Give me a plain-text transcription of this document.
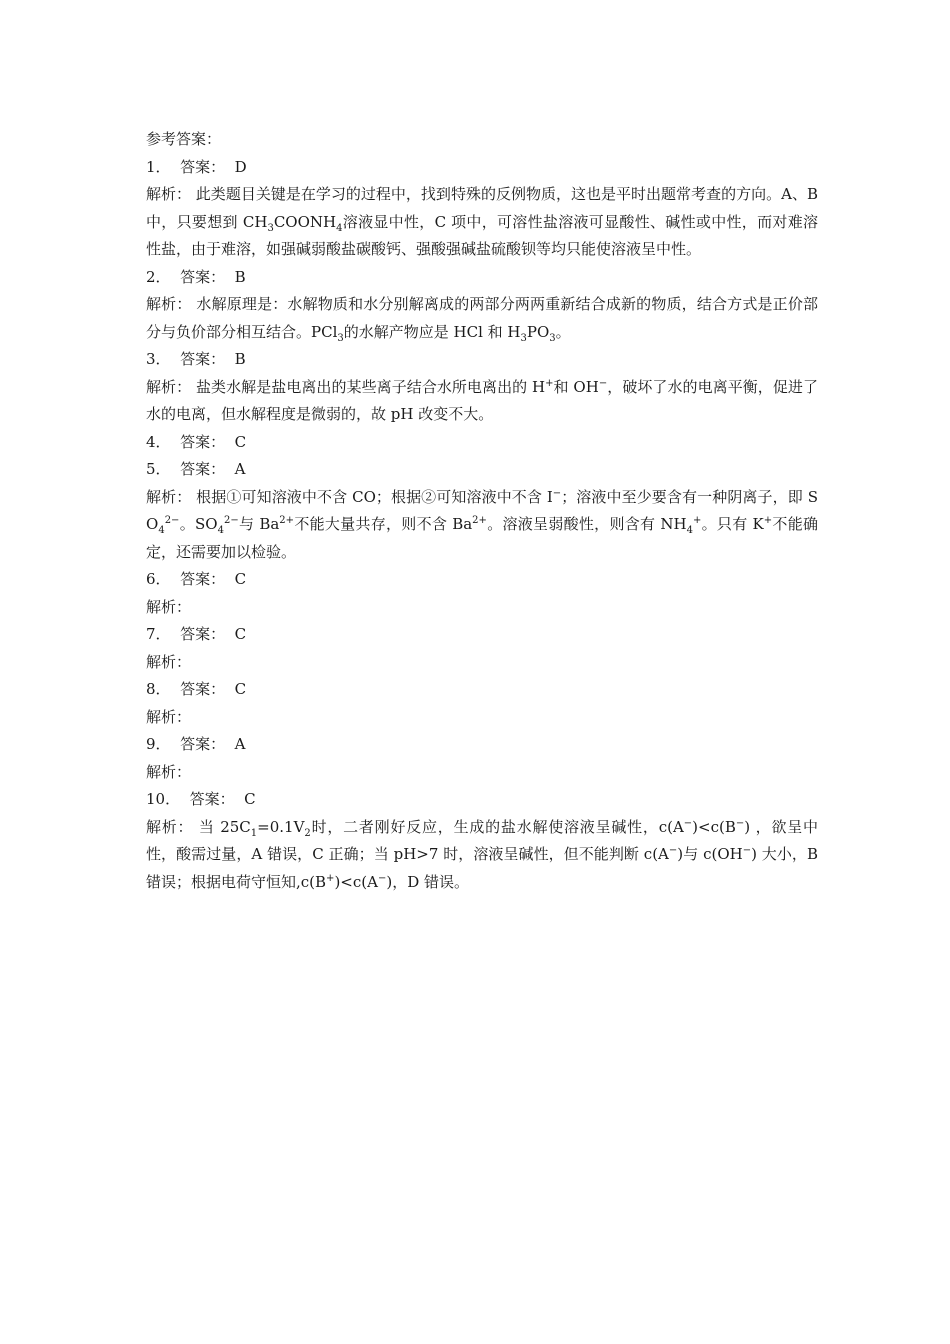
参考答案：

1．  答案：  D

解析： 此类题目关键是在学习的过程中，找到特殊的反例物质，这也是平时出题常考查的方向。A、B 中，只要想到 $CH_3COONH_4$溶液显中性，C 项中，可溶性盐溶液可显酸性、碱性或中性，而对难溶性盐，由于难溶，如强碱弱酸盐碳酸钙、强酸强碱盐硫酸钡等均只能使溶液呈中性。

2．  答案：  B

解析： 水解原理是：水解物质和水分别解离成的两部分两两重新结合成新的物质，结合方式是正价部分与负价部分相互结合。PCl$_3$的水解产物应是 HCl 和 $H_3PO_3$。

3．  答案：  B

解析： 盐类水解是盐电离出的某些离子结合水所电离出的 H+和 OH−，破坏了水的电离平衡，促进了水的电离，但水解程度是微弱的，故 pH 改变不大。

4．  答案：  C

5．  答案：  A

解析： 根据①可知溶液中不含 CO；根据②可知溶液中不含 I−；溶液中至少要含有一种阴离子，即 $SO_4^{2-}$。$SO_4^{2-}$与 $Ba^{2+}$不能大量共存，则不含 $Ba^{2+}$。溶液呈弱酸性，则含有 $NH_4^+$。只有 K+不能确定，还需要加以检验。

6．  答案：  C

解析：

7．  答案：  C

解析：

8．  答案：  C

解析：

9．  答案：  A

解析：

10．  答案：  C

解析： 当 $25C_1=0.1V_2$时，二者刚好反应，生成的盐水解使溶液呈碱性，c(A−)<c(B−) ，欲呈中性，酸需过量，A 错误，C 正确；当 pH>7 时，溶液呈碱性，但不能判断 c(A−)与 c(OH−) 大小，B 错误；根据电荷守恒知,c(B+)<c(A−)，D 错误。
